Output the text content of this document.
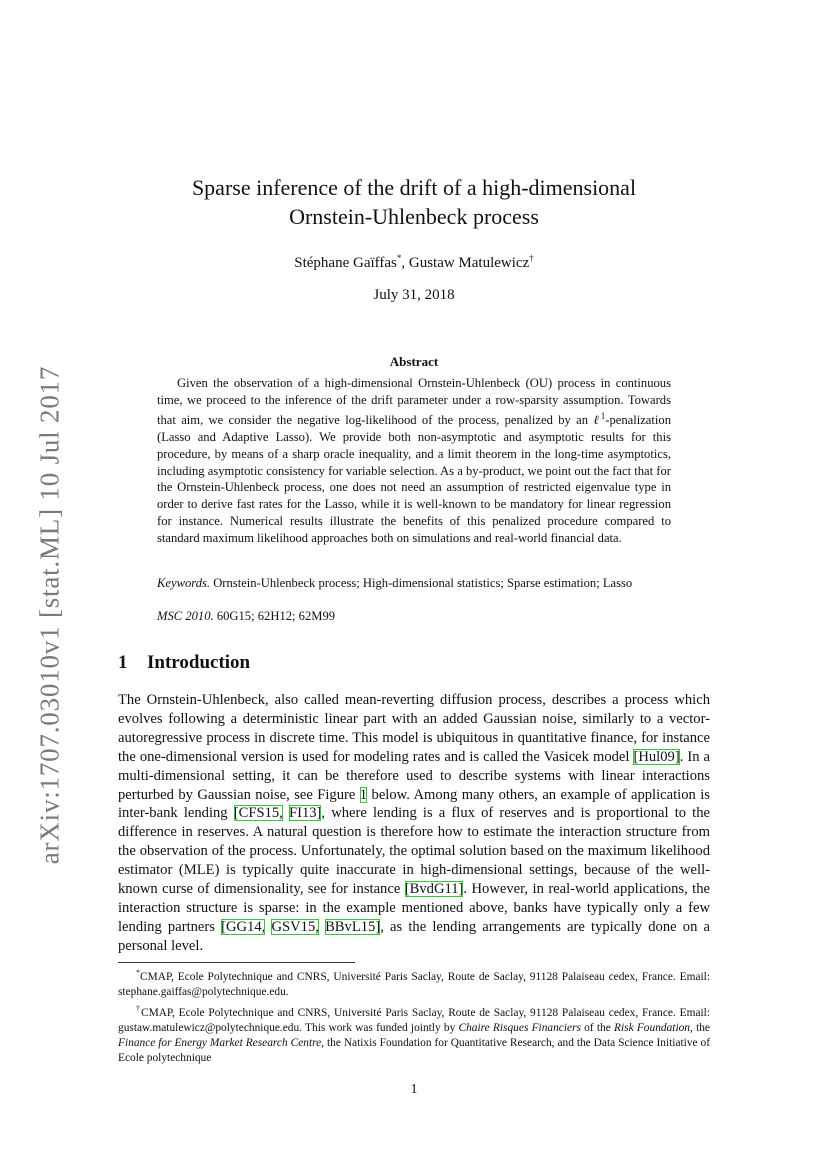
arXiv:1707.03010v1 [stat.ML] 10 Jul 2017
Sparse inference of the drift of a high-dimensional
Ornstein-Uhlenbeck process
Stéphane Gaïffas*, Gustaw Matulewicz†
July 31, 2018
Abstract
Given the observation of a high-dimensional Ornstein-Uhlenbeck (OU) process in continuous time, we proceed to the inference of the drift parameter under a row-sparsity assumption. Towards that aim, we consider the negative log-likelihood of the process, penalized by an ℓ$^1$-penalization (Lasso and Adaptive Lasso). We provide both non-asymptotic and asymptotic results for this procedure, by means of a sharp oracle inequality, and a limit theorem in the long-time asymptotics, including asymptotic consistency for variable selection. As a by-product, we point out the fact that for the Ornstein-Uhlenbeck process, one does not need an assumption of restricted eigenvalue type in order to derive fast rates for the Lasso, while it is well-known to be mandatory for linear regression for instance. Numerical results illustrate the benefits of this penalized procedure compared to standard maximum likelihood approaches both on simulations and real-world financial data.
Keywords. Ornstein-Uhlenbeck process; High-dimensional statistics; Sparse estimation; Lasso
MSC 2010. 60G15; 62H12; 62M99
1 Introduction
The Ornstein-Uhlenbeck, also called mean-reverting diffusion process, describes a process which evolves following a deterministic linear part with an added Gaussian noise, similarly to a vector-autoregressive process in discrete time. This model is ubiquitous in quantitative finance, for instance the one-dimensional version is used for modeling rates and is called the Vasicek model [Hul09]. In a multi-dimensional setting, it can be therefore used to describe systems with linear interactions perturbed by Gaussian noise, see Figure 1 below. Among many others, an example of application is inter-bank lending [CFS15, FI13], where lending is a flux of reserves and is proportional to the difference in reserves. A natural question is therefore how to estimate the interaction structure from the observation of the process. Unfortunately, the optimal solution based on the maximum likelihood estimator (MLE) is typically quite inaccurate in high-dimensional settings, because of the well-known curse of dimensionality, see for instance [BvdG11]. However, in real-world applications, the interaction structure is sparse: in the example mentioned above, banks have typically only a few lending partners [GG14, GSV15, BBvL15], as the lending arrangements are typically done on a personal level.

*CMAP, Ecole Polytechnique and CNRS, Université Paris Saclay, Route de Saclay, 91128 Palaiseau cedex, France. Email: stephane.gaiffas@polytechnique.edu.

†CMAP, Ecole Polytechnique and CNRS, Université Paris Saclay, Route de Saclay, 91128 Palaiseau cedex, France. Email: gustaw.matulewicz@polytechnique.edu. This work was funded jointly by Chaire Risques Financiers of the Risk Foundation, the Finance for Energy Market Research Centre, the Natixis Foundation for Quantitative Research, and the Data Science Initiative of Ecole polytechnique

1
